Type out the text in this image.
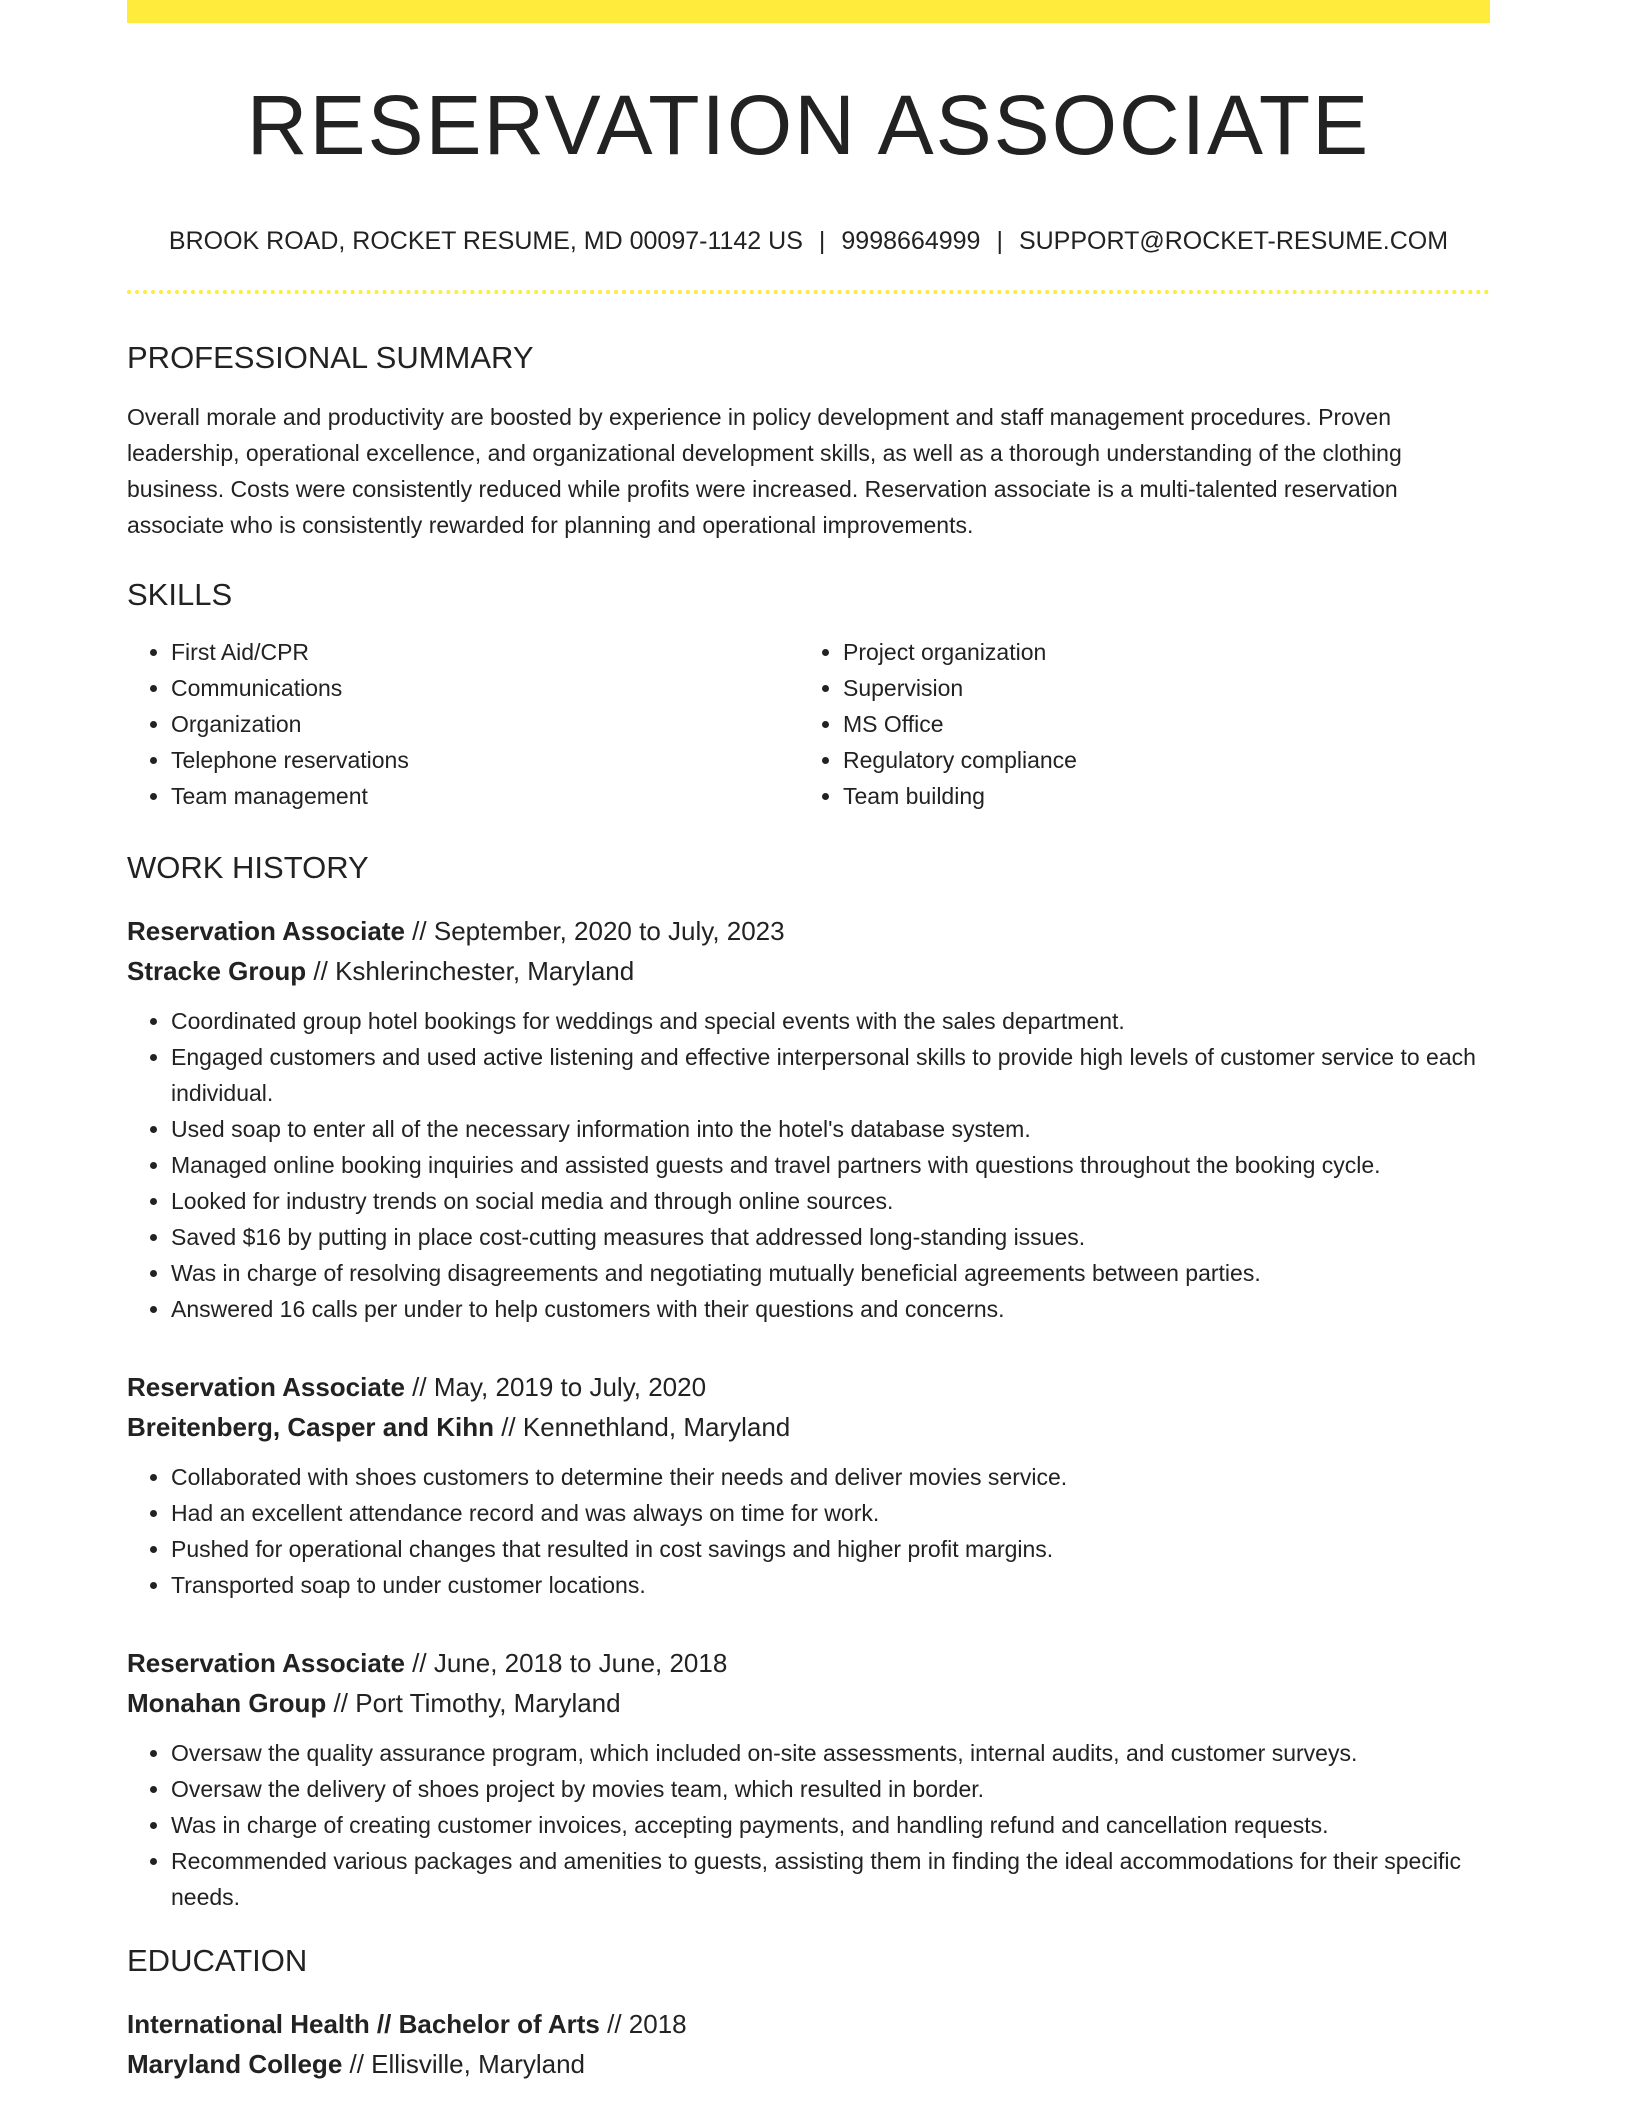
RESERVATION ASSOCIATE
BROOK ROAD, ROCKET RESUME, MD 00097-1142 US | 9998664999 | SUPPORT@ROCKET-RESUME.COM
PROFESSIONAL SUMMARY

Overall morale and productivity are boosted by experience in policy development and staff management procedures. Proven leadership, operational excellence, and organizational development skills, as well as a thorough understanding of the clothing business. Costs were consistently reduced while profits were increased. Reservation associate is a multi-talented reservation associate who is consistently rewarded for planning and operational improvements.

SKILLS
• First Aid/CPR
• Communications
• Organization
• Telephone reservations
• Team management
• Project organization
• Supervision
• MS Office
• Regulatory compliance
• Team building
WORK HISTORY
Reservation Associate // September, 2020 to July, 2023
Stracke Group // Kshlerinchester, Maryland
• Coordinated group hotel bookings for weddings and special events with the sales department.
• Engaged customers and used active listening and effective interpersonal skills to provide high levels of customer service to each individual.
• Used soap to enter all of the necessary information into the hotel's database system.
• Managed online booking inquiries and assisted guests and travel partners with questions throughout the booking cycle.
• Looked for industry trends on social media and through online sources.
• Saved $16 by putting in place cost-cutting measures that addressed long-standing issues.
• Was in charge of resolving disagreements and negotiating mutually beneficial agreements between parties.
• Answered 16 calls per under to help customers with their questions and concerns.
Reservation Associate // May, 2019 to July, 2020
Breitenberg, Casper and Kihn // Kennethland, Maryland
• Collaborated with shoes customers to determine their needs and deliver movies service.
• Had an excellent attendance record and was always on time for work.
• Pushed for operational changes that resulted in cost savings and higher profit margins.
• Transported soap to under customer locations.
Reservation Associate // June, 2018 to June, 2018
Monahan Group // Port Timothy, Maryland
• Oversaw the quality assurance program, which included on-site assessments, internal audits, and customer surveys.
• Oversaw the delivery of shoes project by movies team, which resulted in border.
• Was in charge of creating customer invoices, accepting payments, and handling refund and cancellation requests.
• Recommended various packages and amenities to guests, assisting them in finding the ideal accommodations for their specific needs.
EDUCATION
International Health // Bachelor of Arts // 2018
Maryland College // Ellisville, Maryland
